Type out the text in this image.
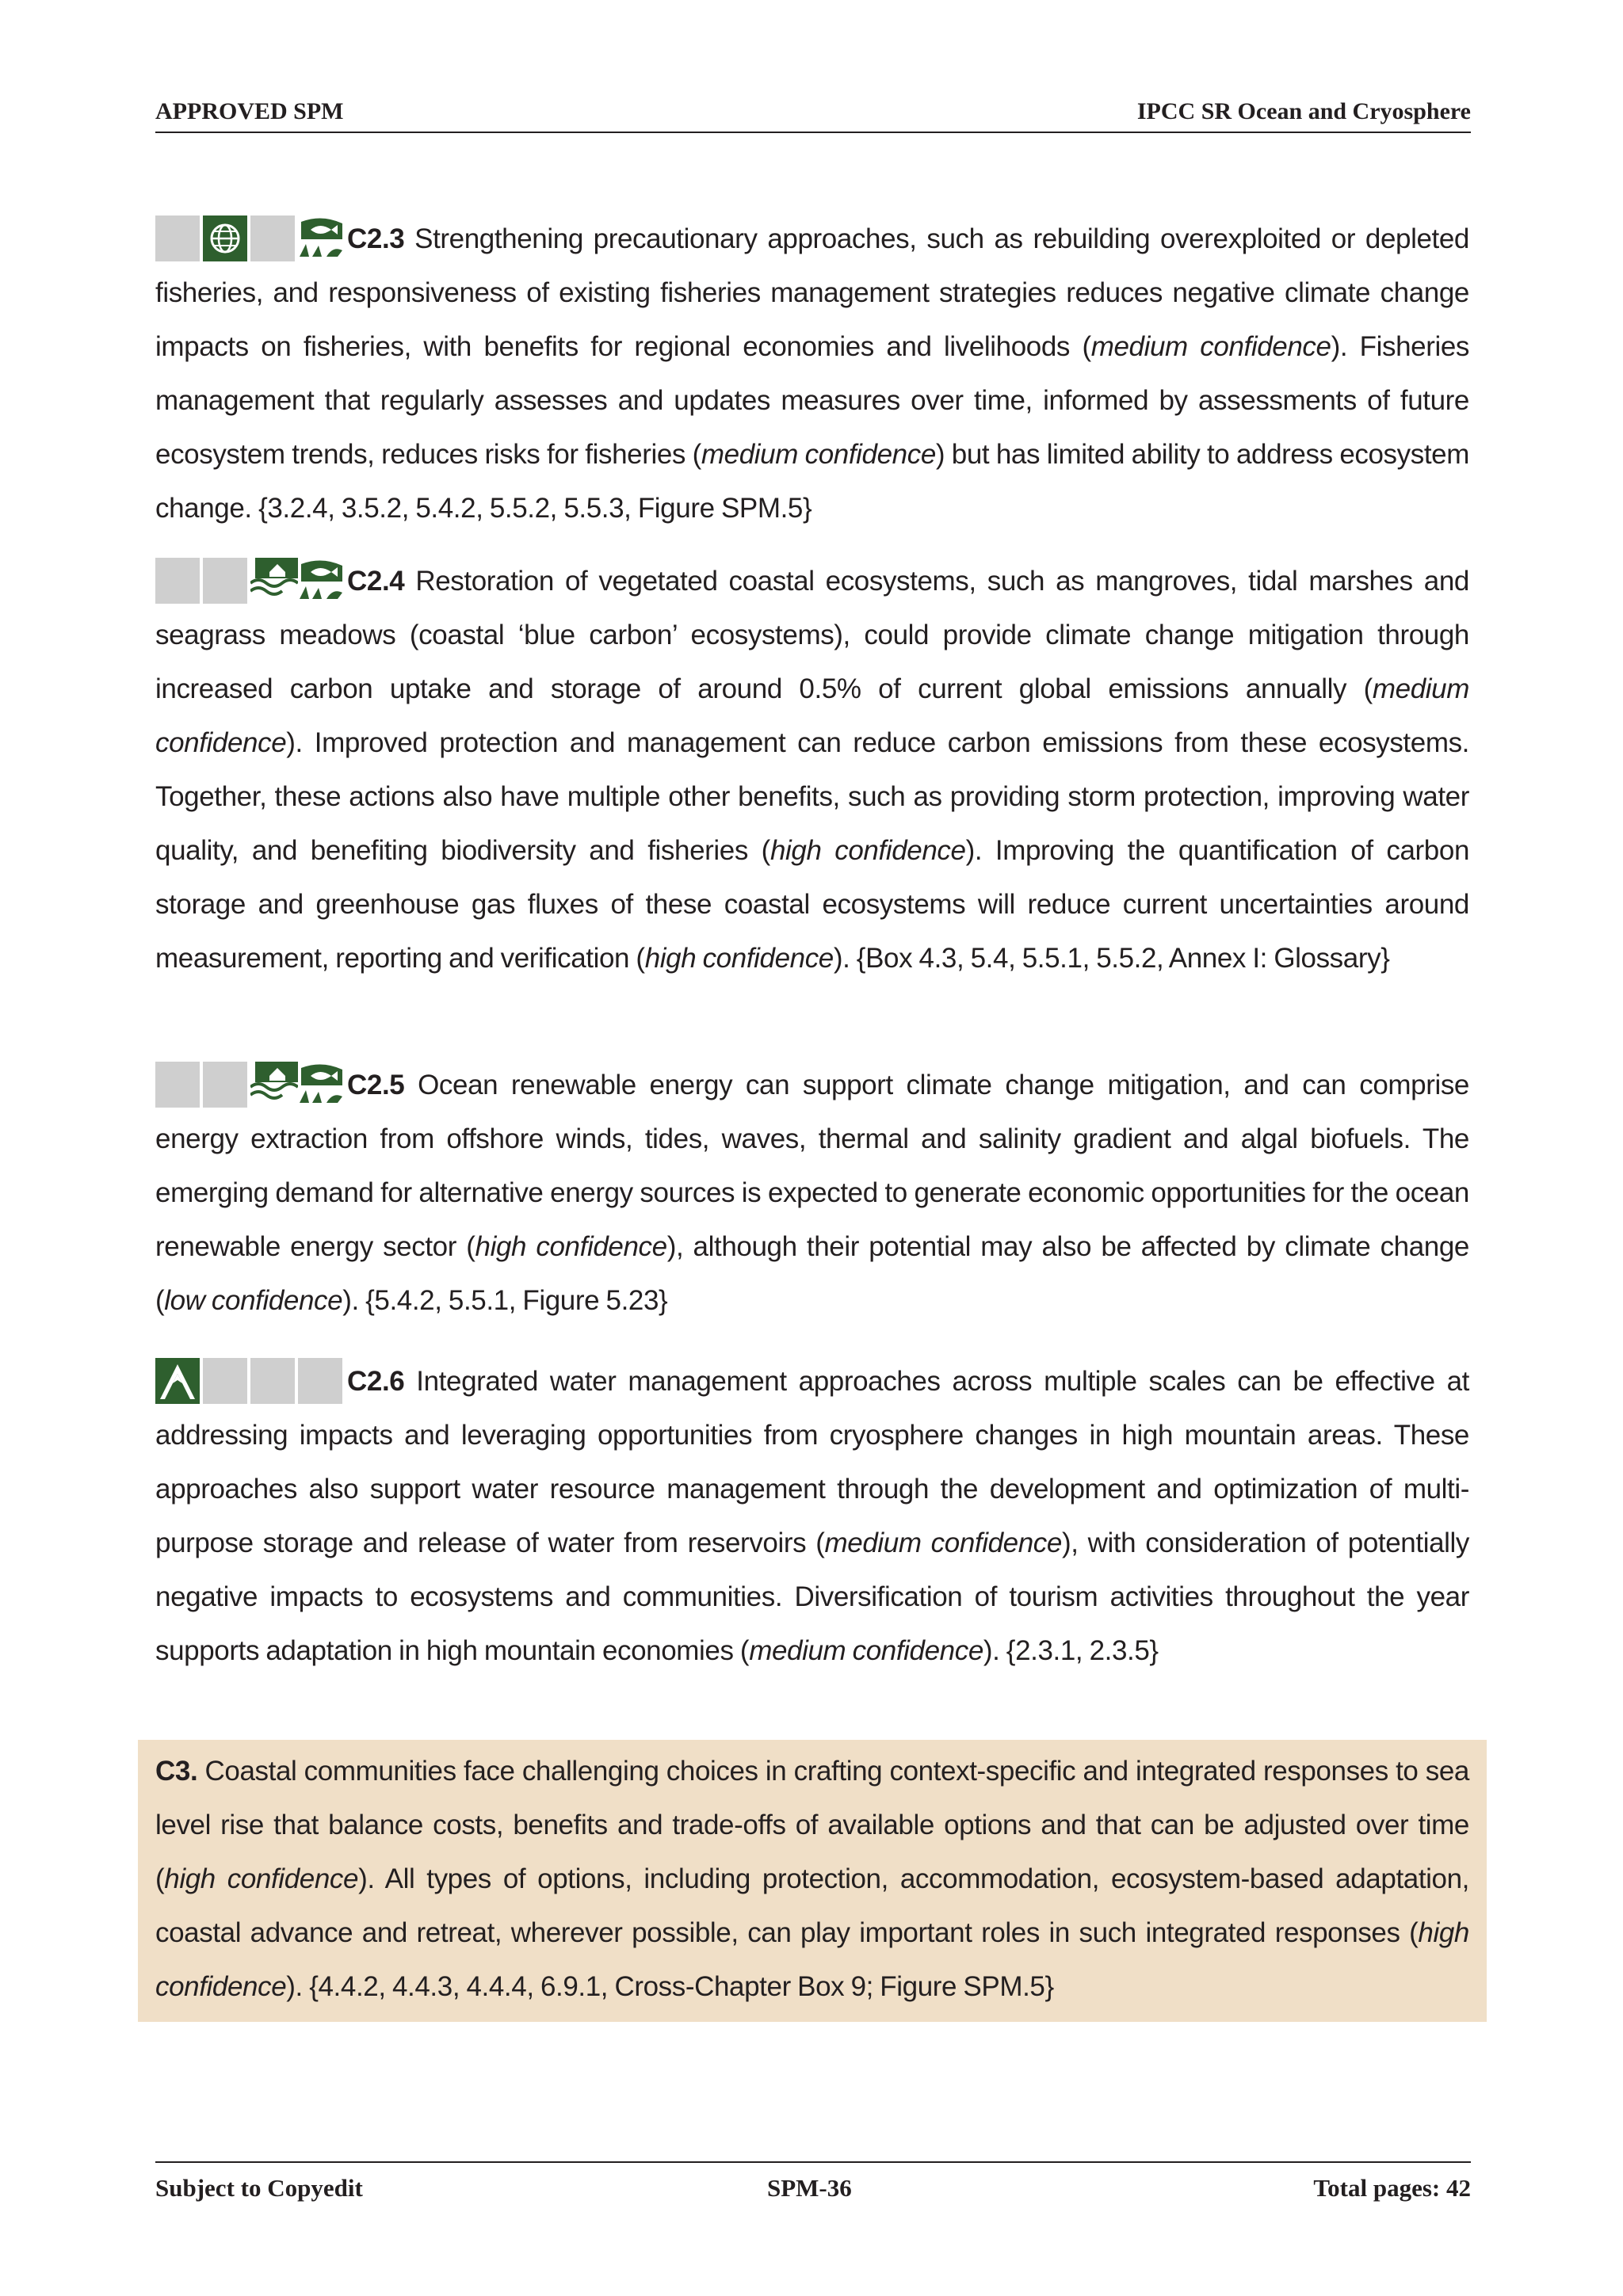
APPROVED SPM	IPCC SR Ocean and Cryosphere
C2.3 Strengthening precautionary approaches, such as rebuilding overexploited or depleted fisheries, and responsiveness of existing fisheries management strategies reduces negative climate change impacts on fisheries, with benefits for regional economies and livelihoods (medium confidence). Fisheries management that regularly assesses and updates measures over time, informed by assessments of future ecosystem trends, reduces risks for fisheries (medium confidence) but has limited ability to address ecosystem change. {3.2.4, 3.5.2, 5.4.2, 5.5.2, 5.5.3, Figure SPM.5}
C2.4 Restoration of vegetated coastal ecosystems, such as mangroves, tidal marshes and seagrass meadows (coastal ‘blue carbon’ ecosystems), could provide climate change mitigation through increased carbon uptake and storage of around 0.5% of current global emissions annually (medium confidence). Improved protection and management can reduce carbon emissions from these ecosystems. Together, these actions also have multiple other benefits, such as providing storm protection, improving water quality, and benefiting biodiversity and fisheries (high confidence). Improving the quantification of carbon storage and greenhouse gas fluxes of these coastal ecosystems will reduce current uncertainties around measurement, reporting and verification (high confidence). {Box 4.3, 5.4, 5.5.1, 5.5.2, Annex I: Glossary}
C2.5 Ocean renewable energy can support climate change mitigation, and can comprise energy extraction from offshore winds, tides, waves, thermal and salinity gradient and algal biofuels. The emerging demand for alternative energy sources is expected to generate economic opportunities for the ocean renewable energy sector (high confidence), although their potential may also be affected by climate change (low confidence). {5.4.2, 5.5.1, Figure 5.23}
C2.6 Integrated water management approaches across multiple scales can be effective at addressing impacts and leveraging opportunities from cryosphere changes in high mountain areas. These approaches also support water resource management through the development and optimization of multi-purpose storage and release of water from reservoirs (medium confidence), with consideration of potentially negative impacts to ecosystems and communities. Diversification of tourism activities throughout the year supports adaptation in high mountain economies (medium confidence). {2.3.1, 2.3.5}
C3. Coastal communities face challenging choices in crafting context-specific and integrated responses to sea level rise that balance costs, benefits and trade-offs of available options and that can be adjusted over time (high confidence). All types of options, including protection, accommodation, ecosystem-based adaptation, coastal advance and retreat, wherever possible, can play important roles in such integrated responses (high confidence). {4.4.2, 4.4.3, 4.4.4, 6.9.1, Cross-Chapter Box 9; Figure SPM.5}
Subject to Copyedit	SPM-36	Total pages: 42
